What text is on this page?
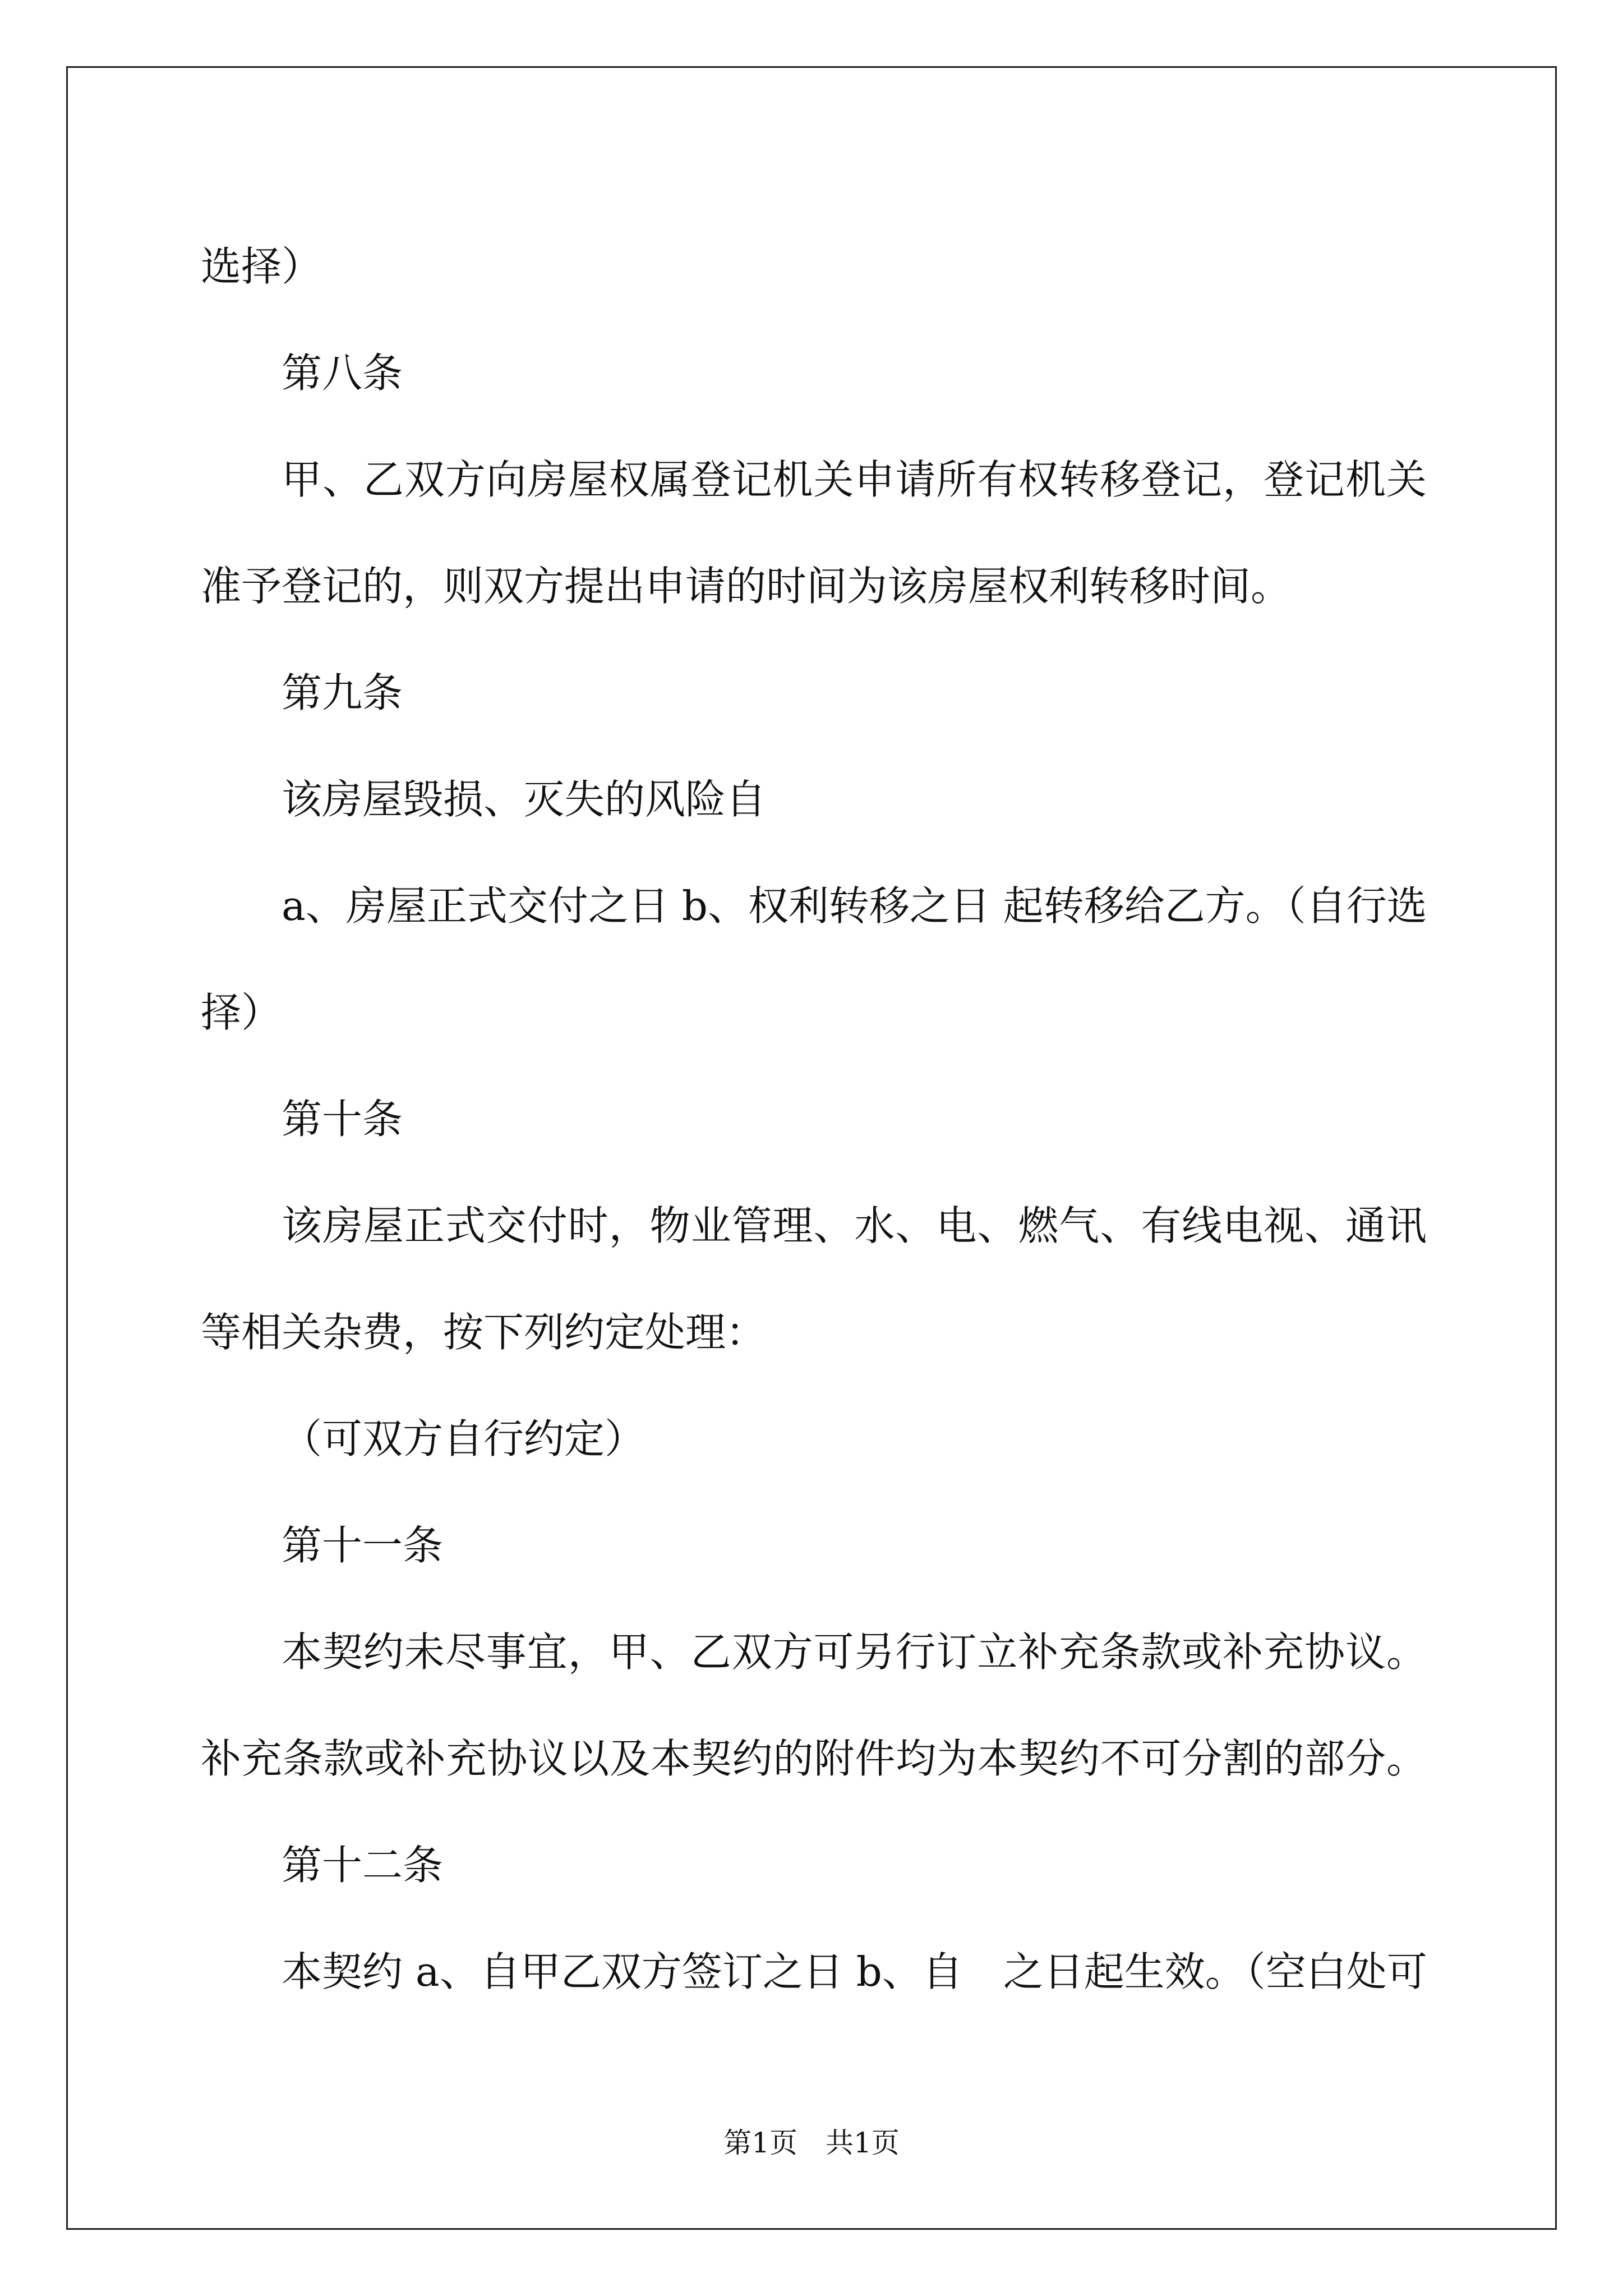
选择）
第八条
甲、乙双方向房屋权属登记机关申请所有权转移登记，登记机关
准予登记的，则双方提出申请的时间为该房屋权利转移时间。
第九条
该房屋毁损、灭失的风险自
a、房屋正式交付之日 b、权利转移之日 起转移给乙方。（自行选
择）
第十条
该房屋正式交付时，物业管理、水、电、燃气、有线电视、通讯
等相关杂费，按下列约定处理：
（可双方自行约定）
第十一条
本契约未尽事宜，甲、乙双方可另行订立补充条款或补充协议。
补充条款或补充协议以及本契约的附件均为本契约不可分割的部分。
第十二条
本契约 a、自甲乙双方签订之日 b、自　之日起生效。（空白处可
第1页 共1页
